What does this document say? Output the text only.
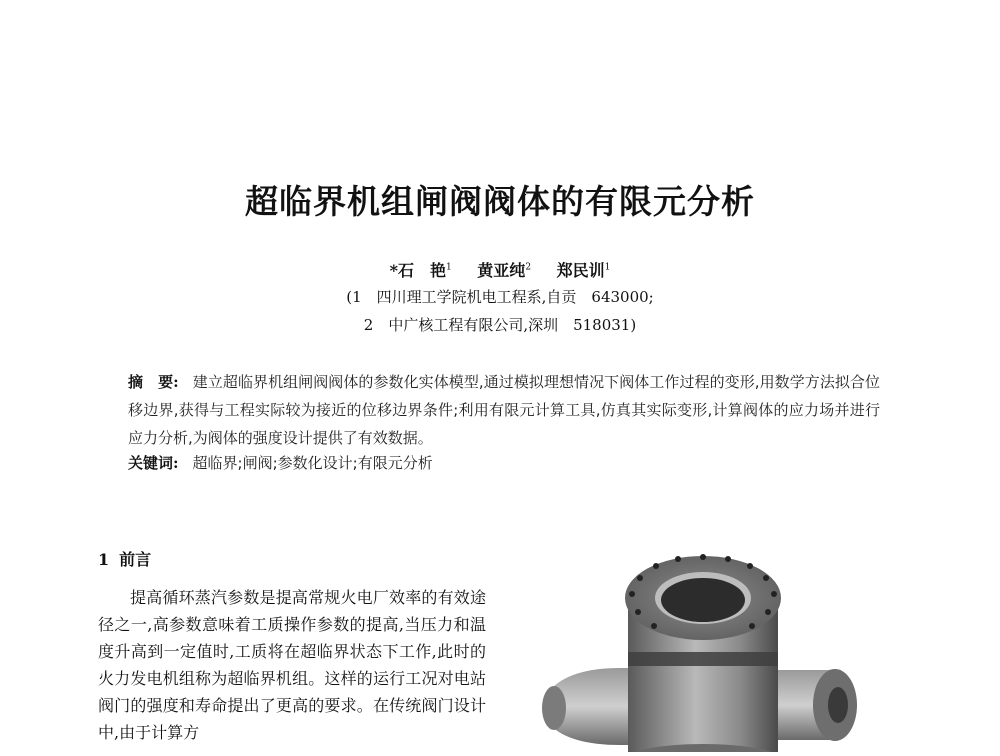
超临界机组闸阀阀体的有限元分析
*石　艳$^1$ 黄亚纯$^2$ 郑民训$^1$
(1　四川理工学院机电工程系,自贡　643000;
2　中广核工程有限公司,深圳　518031)
摘　要: 建立超临界机组闸阀阀体的参数化实体模型,通过模拟理想情况下阀体工作过程的变形,用数学方法拟合位移边界,获得与工程实际较为接近的位移边界条件;利用有限元计算工具,仿真其实际变形,计算阀体的应力场并进行应力分析,为阀体的强度设计提供了有效数据。
关键词: 超临界;闸阀;参数化设计;有限元分析
1 前言
提高循环蒸汽参数是提高常规火电厂效率的有效途径之一,高参数意味着工质操作参数的提高,当压力和温度升高到一定值时,工质将在超临界状态下工作,此时的火力发电机组称为超临界机组。这样的运行工况对电站阀门的强度和寿命提出了更高的要求。在传统阀门设计中,由于计算方
